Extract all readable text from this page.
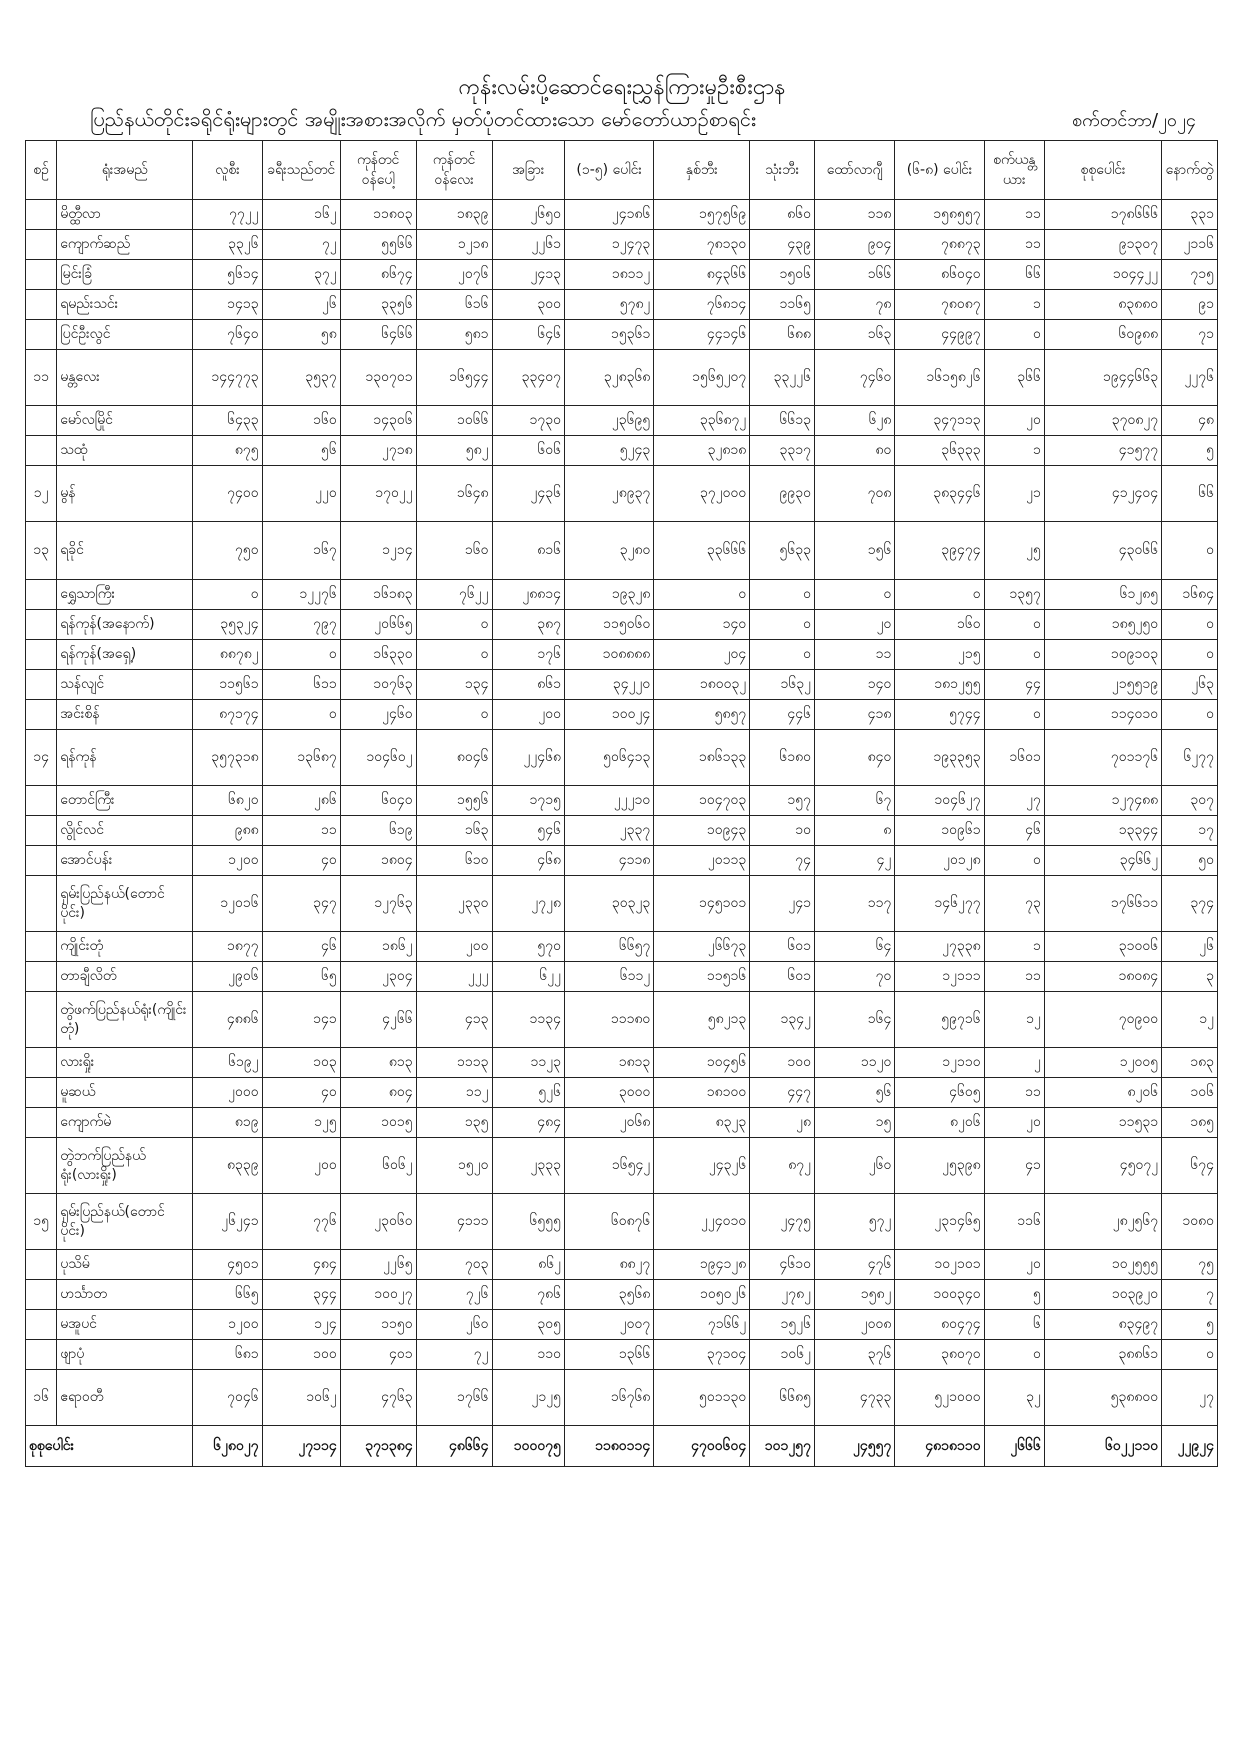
ကုန်းလမ်းပို့ဆောင်ရေးညွှန်ကြားမှုဦးစီးဌာန
ပြည်နယ်တိုင်းခရိုင်ရုံးများတွင် အမျိုးအစားအလိုက် မှတ်ပုံတင်ထားသော မော်တော်ယာဉ်စာရင်း	စက်တင်ဘာ/၂၀၂၄
စဉ်	ရုံးအမည်	လူစီး	ခရီးသည်တင်	ကုန်တင်ဝန်ပေါ့	ကုန်တင်ဝန်လေး	အခြား	(၁-၅) ပေါင်း	နှစ်ဘီး	သုံးဘီး	ထော်လာဂျီ	(၆-၈) ပေါင်း	စက်ယန္တယား	စုစုပေါင်း	နောက်တွဲ
	မိတ္ထီလာ	၇၇၂၂	၁၆၂	၁၁၈၀၃	၁၈၃၉	၂၆၅၀	၂၄၁၈၆	၁၅၇၅၆၉	၈၆၀	၁၁၈	၁၅၈၅၅၇	၁၁	၁၇၈၆၆၆	၃၃၁
	ကျောက်ဆည်	၃၃၂၆	၇၂	၅၅၆၆	၁၂၁၈	၂၂၆၁	၁၂၄၇၃	၇၈၁၃၀	၄၃၉	၉၀၄	၇၈၈၇၃	၁၁	၉၁၃၀၇	၂၁၁၆
	မြင်းခြံ	၅၆၁၄	၃၇၂	၈၆၇၄	၂၀၇၆	၂၄၁၃	၁၈၁၁၂	၈၄၃၆၆	၁၅၀၆	၁၆၆	၈၆၀၄၀	၆၆	၁၀၄၄၂၂	၇၁၅
	ရမည်းသင်း	၁၄၁၃	၂၆	၃၃၅၆	၆၁၆	၃၀၀	၅၇၈၂	၇၆၈၁၄	၁၁၆၅	၇၈	၇၈၀၈၇	၁	၈၃၈၈၀	၉၁
	ပြင်ဦးလွင်	၇၆၄၀	၅၈	၆၄၆၆	၅၈၁	၆၄၆	၁၅၃၆၁	၄၄၁၄၆	၆၈၈	၁၆၃	၄၄၉၉၇	၀	၆၀၉၈၈	၇၁
၁၁	မန္တလေး	၁၄၄၇၇၃	၃၅၃၇	၁၃၀၇၀၁	၁၆၅၄၄	၃၃၄၀၇	၃၂၈၃၆၈	၁၅၆၅၂၀၇	၃၃၂၂၆	၇၄၆၀	၁၆၁၅၈၂၆	၃၆၆	၁၉၄၄၆၆၃	၂၂၇၆
	မော်လမြိုင်	၆၄၃၃	၁၆၀	၁၄၃၀၆	၁၀၆၆	၁၇၃၀	၂၃၆၉၅	၃၃၆၈၇၂	၆၆၁၃	၆၂၈	၃၄၇၁၁၃	၂၀	၃၇၀၈၂၇	၄၈
	သထုံ	၈၇၅	၅၆	၂၇၁၈	၅၈၂	၆၀၆	၅၂၄၃	၃၂၈၁၈	၃၃၁၇	၈၀	၃၆၃၃၃	၁	၄၁၅၇၇	၅
၁၂	မွန်	၇၄၀၀	၂၂၀	၁၇၀၂၂	၁၆၄၈	၂၄၃၆	၂၈၉၃၇	၃၇၂၀၀၀	၉၉၃၀	၇၀၈	၃၈၃၄၄၆	၂၁	၄၁၂၄၀၄	၆၆
၁၃	ရခိုင်	၇၅၀	၁၆၇	၁၂၁၄	၁၆၀	၈၁၆	၃၂၈၀	၃၃၆၆၆	၅၆၃၃	၁၅၆	၃၉၄၇၄	၂၅	၄၃၀၆၆	၀
	ရွှေသာကြီး	၀	၁၂၂၇၆	၁၆၁၈၃	၇၆၂၂	၂၈၈၁၄	၁၉၃၂၈	၀	၀	၀	၀	၁၃၅၇	၆၁၂၈၅	၁၆၈၄
	ရန်ကုန်(အနောက်)	၃၅၃၂၄	၇၉၇	၂၀၆၆၅	၀	၃၈၇	၁၁၅၀၆၀	၁၄၀	၀	၂၀	၁၆၀	၀	၁၈၅၂၅၀	၀
	ရန်ကုန်(အရှေ့)	၈၈၇၈၂	၀	၁၆၃၃၀	၀	၁၇၆	၁၀၈၈၈၈	၂၀၄	၀	၁၁	၂၁၅	၀	၁၀၉၁၀၃	၀
	သန်လျင်	၁၁၅၆၁	၆၁၁	၁၀၇၆၃	၁၃၄	၈၆၁	၃၄၂၂၀	၁၈၀၀၃၂	၁၆၃၂	၁၄၀	၁၈၁၂၅၅	၄၄	၂၁၅၅၁၉	၂၆၃
	အင်းစိန်	၈၇၁၇၄	၀	၂၄၆၀	၀	၂၀၀	၁၀၀၂၄	၅၈၅၇	၄၄၆	၄၁၈	၅၇၄၄	၀	၁၁၄၀၁၀	၀
၁၄	ရန်ကုန်	၃၅၇၃၁၈	၁၃၆၈၇	၁၀၄၆၀၂	၈၀၄၆	၂၂၄၆၈	၅၀၆၄၁၃	၁၈၆၁၃၃	၆၁၈၀	၈၄၀	၁၉၃၃၅၃	၁၆၀၁	၇၀၁၁၇၆	၆၂၇၇
	တောင်ကြီး	၆၈၂၀	၂၈၆	၆၀၄၀	၁၅၅၆	၁၇၁၅	၂၂၂၁၀	၁၀၄၇၀၃	၁၅၇	၆၇	၁၀၄၆၂၇	၂၇	၁၂၇၄၈၈	၃၀၇
	လွိုင်လင်	၉၈၈	၁၁	၆၁၉	၁၆၃	၅၄၆	၂၃၃၇	၁၀၉၄၃	၁၀	၈	၁၀၉၆၁	၄၆	၁၃၃၄၄	၁၇
	အောင်ပန်း	၁၂၀၀	၄၀	၁၈၀၄	၆၁၀	၄၆၈	၄၁၁၈	၂၀၁၁၃	၇၄	၄၂	၂၀၁၂၈	၀	၃၄၆၆၂	၅၀
	ရှမ်းပြည်နယ်(တောင်ပိုင်း)	၁၂၀၁၆	၃၄၇	၁၂၇၆၃	၂၃၃၀	၂၇၂၈	၃၀၃၂၃	၁၄၅၁၀၁	၂၄၁	၁၁၇	၁၄၆၂၇၇	၇၃	၁၇၆၆၁၁	၃၇၄
	ကျိုင်းတုံ	၁၈၇၇	၄၆	၁၈၆၂	၂၀၀	၅၇၀	၆၆၅၇	၂၆၆၇၃	၆၀၁	၆၄	၂၇၃၃၈	၁	၃၁၀၀၆	၂၆
	တာချီလိတ်	၂၉၀၆	၆၅	၂၃၀၄	၂၂၂	၆၂၂	၆၁၁၂	၁၁၅၁၆	၆၀၁	၇၀	၁၂၁၁၁	၁၁	၁၈၀၈၄	၃
	တွဲဖက်ပြည်နယ်ရုံး(ကျိုင်းတုံ)	၄၈၈၆	၁၄၁	၄၂၆၆	၄၁၃	၁၁၃၄	၁၁၁၈၀	၅၈၂၁၃	၁၃၄၂	၁၆၄	၅၉၇၁၆	၁၂	၇၀၉၀၀	၁၂
	လားရှိုး	၆၁၉၂	၁၀၃	၈၁၃	၁၁၁၃	၁၁၂၃	၁၈၁၃	၁၀၄၅၆	၁၀၀	၁၁၂၀	၁၂၁၁၀	၂	၁၂၀၀၅	၁၈၃
	မူဆယ်	၂၀၀၀	၄၀	၈၀၄	၁၁၂	၅၂၆	၃၀၀၀	၁၈၁၀၀	၄၄၇	၅၆	၄၆၀၅	၁၁	၈၂၀၆	၁၀၆
	ကျောက်မဲ	၈၁၉	၁၂၅	၁၀၁၅	၁၃၅	၄၈၄	၂၀၆၈	၈၃၂၃	၂၈	၁၅	၈၂၀၆	၂၀	၁၁၅၃၁	၁၈၅
	တွဲဘက်ပြည်နယ်ရုံး(လားရှိုး)	၈၃၃၉	၂၀၀	၆၀၆၂	၁၅၂၀	၂၃၃၃	၁၆၅၄၂	၂၄၃၂၆	၈၇၂	၂၆၀	၂၅၃၉၈	၄၁	၄၅၀၇၂	၆၇၄
၁၅	ရှမ်းပြည်နယ်(တောင်ပိုင်း)	၂၆၂၄၁	၇၇၆	၂၃၀၆၀	၄၁၁၁	၆၅၅၅	၆၀၈၇၆	၂၂၄၀၁၀	၂၄၇၅	၅၇၂	၂၃၁၄၆၅	၁၁၆	၂၈၂၅၆၇	၁၀၈၀
	ပုသိမ်	၄၅၀၁	၄၈၄	၂၂၆၅	၇၀၃	၈၆၂	၈၈၂၇	၁၉၄၁၂၈	၄၆၁၀	၄၇၆	၁၀၂၁၀၁	၂၀	၁၀၂၅၅၅	၇၅
	ဟင်္သာတ	၆၆၅	၃၄၄	၁၀၀၂၇	၇၂၆	၇၈၆	၃၅၆၈	၁၀၅၀၂၆	၂၇၈၂	၁၅၈၂	၁၀၀၃၄၀	၅	၁၀၃၉၂၀	၇
	မအူပင်	၁၂၀၀	၁၂၄	၁၁၅၀	၂၆၀	၃၀၅	၂၀၀၇	၇၁၆၆၂	၁၅၂၆	၂၀၀၈	၈၀၄၇၄	၆	၈၃၄၉၇	၅
	ဖျာပုံ	၆၈၁	၁၀၀	၄၀၁	၇၂	၁၁၀	၁၃၆၆	၃၇၁၀၄	၁၀၆၂	၃၇၆	၃၈၀၇၀	၀	၃၈၈၆၁	၀
၁၆	ဧရာဝတီ	၇၀၄၆	၁၀၆၂	၄၇၆၃	၁၇၆၆	၂၁၂၅	၁၆၇၆၈	၅၀၁၁၃၀	၆၆၈၅	၄၇၃၃	၅၂၁၀၀၀	၃၂	၅၃၈၈၀၀	၂၇
စုစုပေါင်း		၆၂၈၀၂၇	၂၇၁၁၄	၃၇၁၃၈၄	၄၈၆၆၄	၁၀၀၀၇၅	၁၁၈၀၁၁၄	၄၇၀၀၆၀၄	၁၀၁၂၅၇	၂၄၅၅၇	၄၈၁၈၁၁၀	၂၆၆၆	၆၀၂၂၁၁၀	၂၂၉၂၄
